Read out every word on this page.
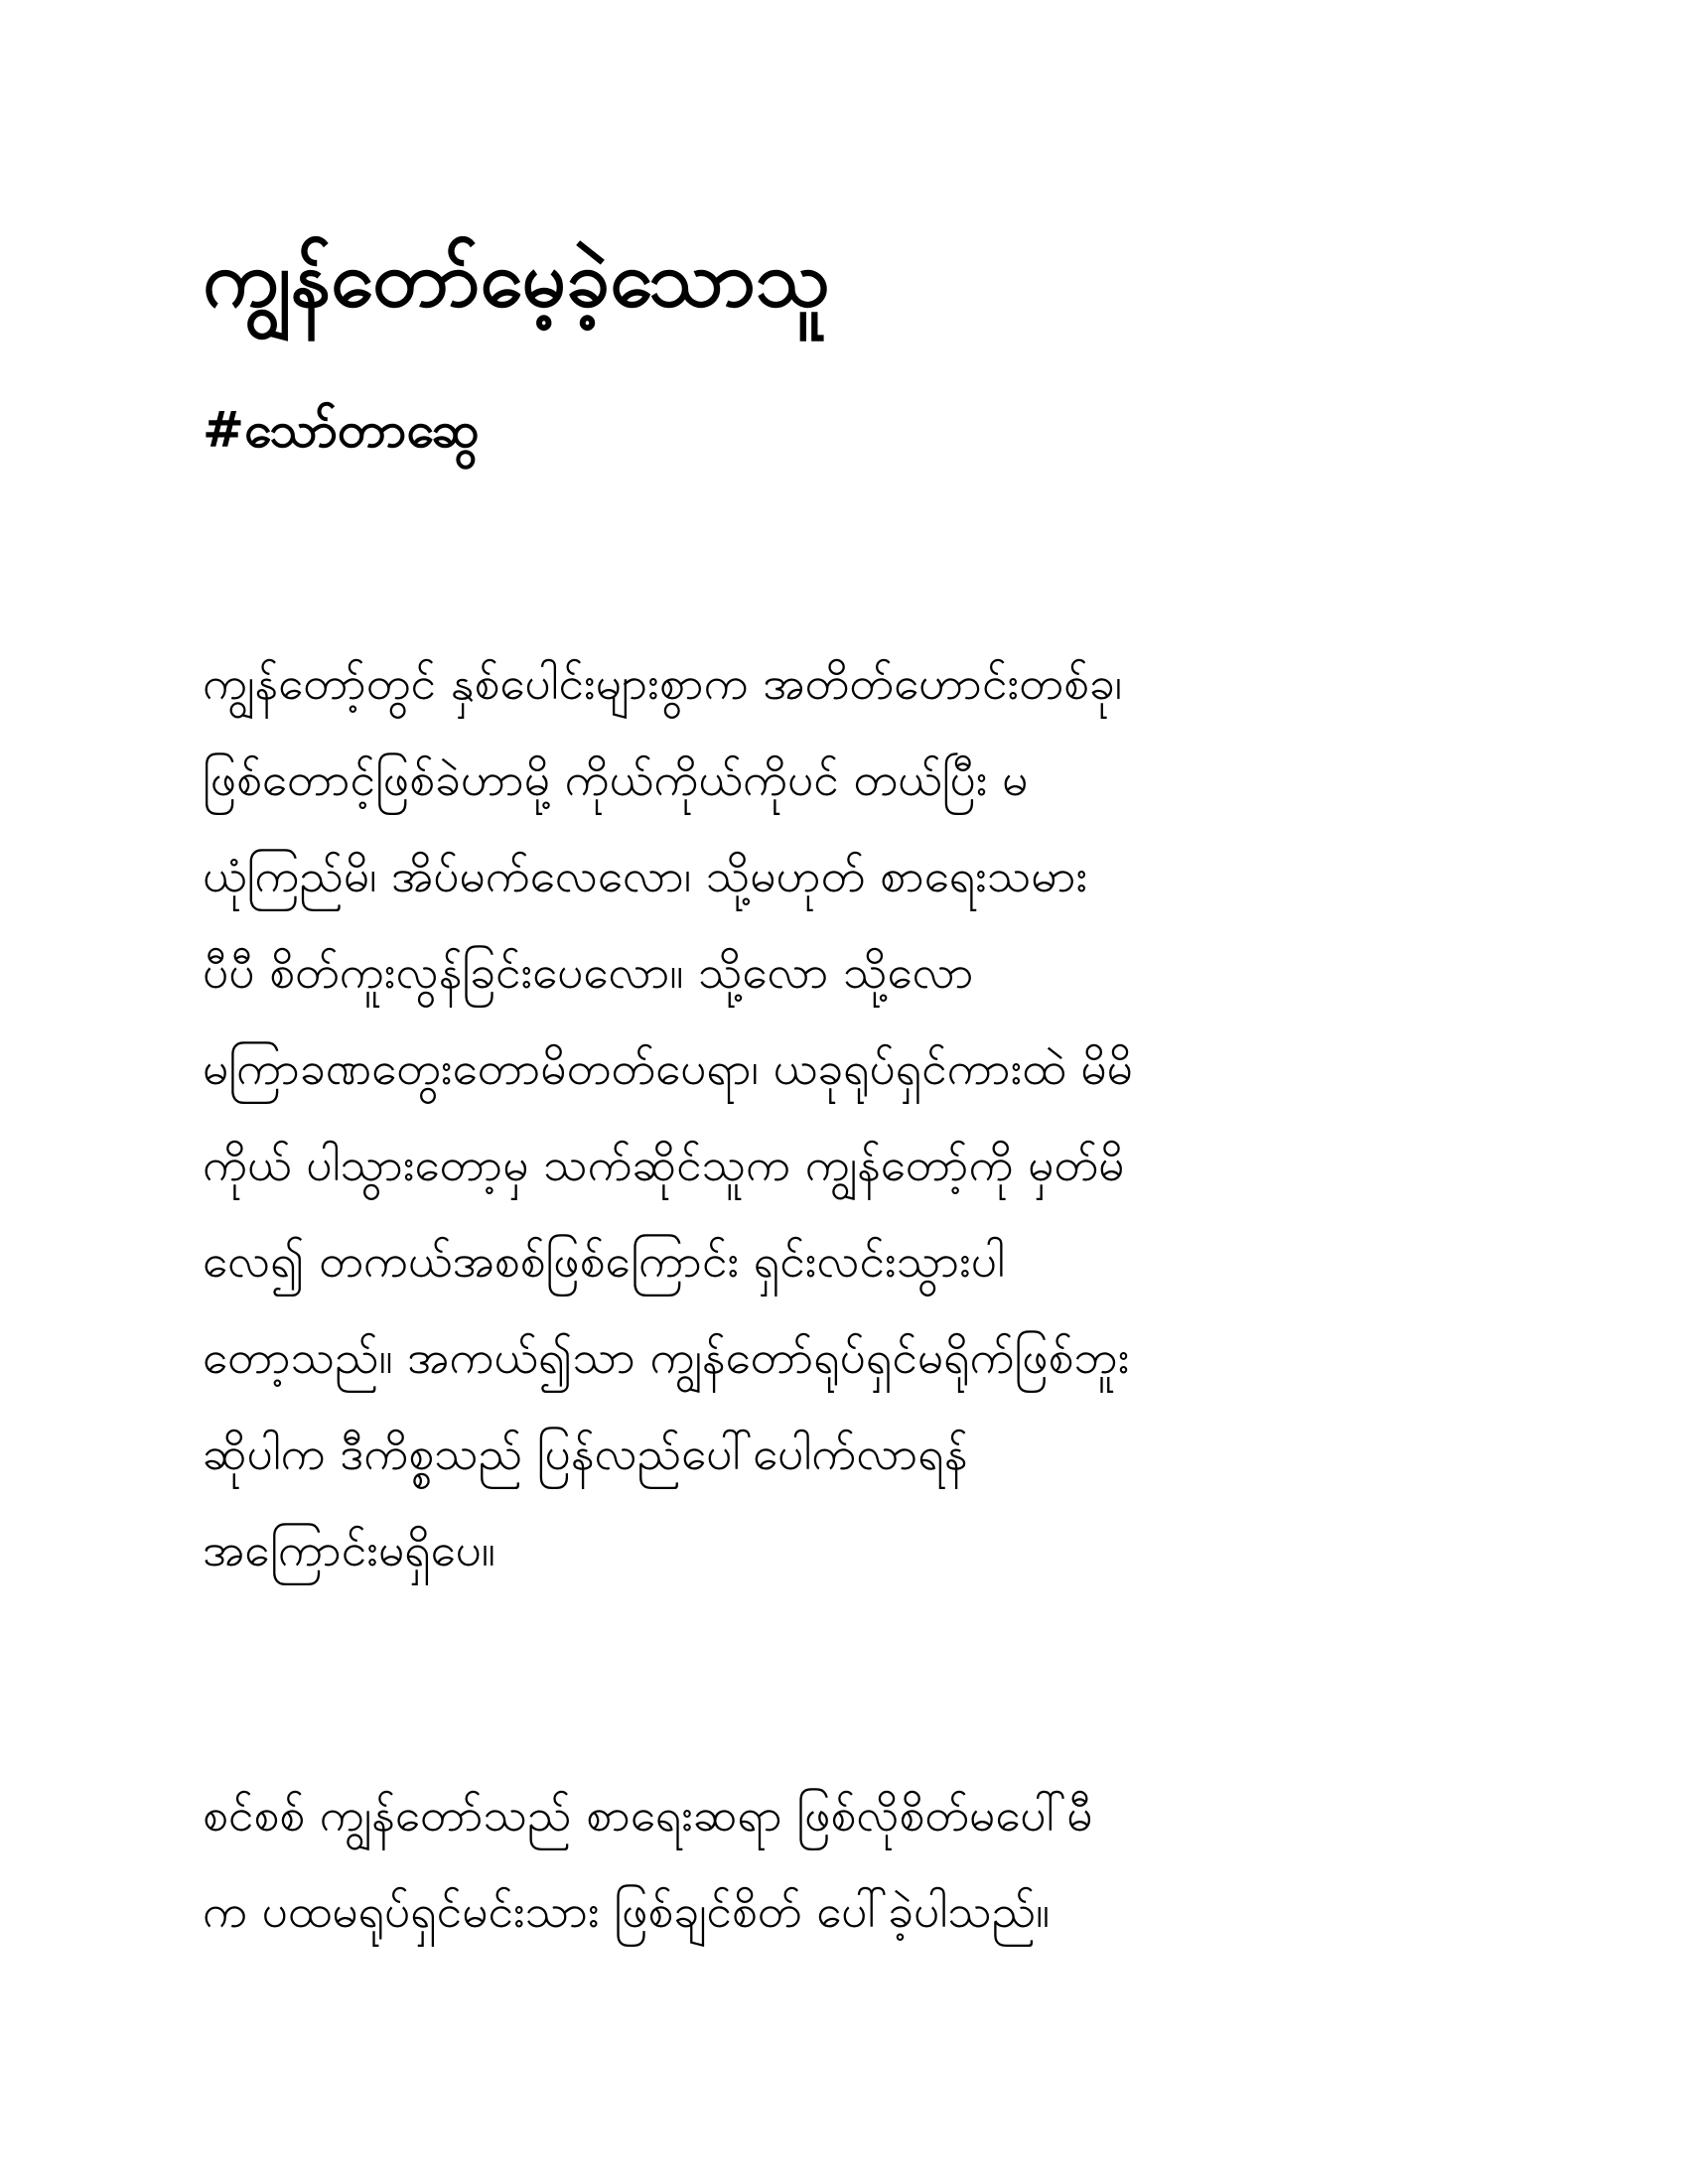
ကျွန်တော်မေ့ခဲ့သောသူ
#သော်တာဆွေ
ကျွန်တော့်တွင် နှစ်ပေါင်းများစွာက အတိတ်ဟောင်းတစ်ခု၊
ဖြစ်တောင့်ဖြစ်ခဲဟာမို့ ကိုယ်ကိုယ်ကိုပင် တယ်ပြီး မ
ယုံကြည်မိ၊ အိပ်မက်လေလော၊ သို့မဟုတ် စာရေးသမား
ပီပီ စိတ်ကူးလွန်ခြင်းပေလော။ သို့လော သို့လော
မကြာခဏတွေးတောမိတတ်ပေရာ၊ ယခုရုပ်ရှင်ကားထဲ မိမိ
ကိုယ် ပါသွားတော့မှ သက်ဆိုင်သူက ကျွန်တော့်ကို မှတ်မိ
လေ၍ တကယ်အစစ်ဖြစ်ကြောင်း ရှင်းလင်းသွားပါ
တော့သည်။ အကယ်၍သာ ကျွန်တော်ရုပ်ရှင်မရိုက်ဖြစ်ဘူး
ဆိုပါက ဒီကိစ္စသည် ပြန်လည်ပေါ်ပေါက်လာရန်
အကြောင်းမရှိပေ။
စင်စစ် ကျွန်တော်သည် စာရေးဆရာ ဖြစ်လိုစိတ်မပေါ်မီ
က ပထမရုပ်ရှင်မင်းသား ဖြစ်ချင်စိတ် ပေါ်ခဲ့ပါသည်။
